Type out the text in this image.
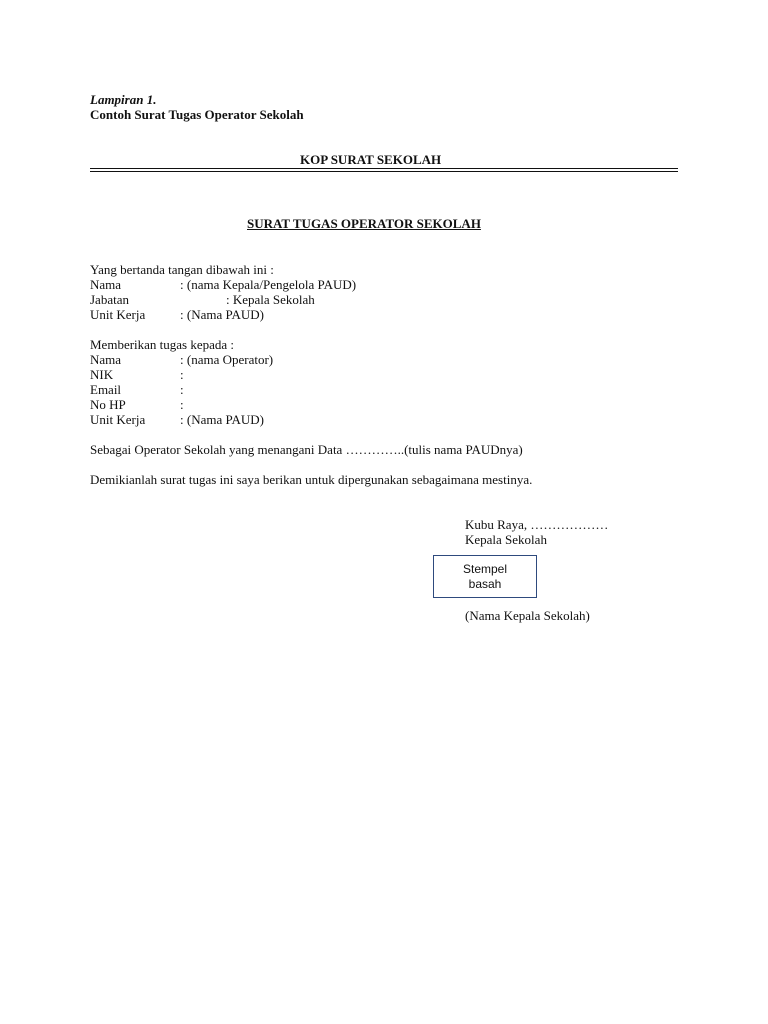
Lampiran 1.
Contoh Surat Tugas Operator Sekolah
KOP SURAT SEKOLAH
SURAT TUGAS OPERATOR SEKOLAH
Yang bertanda tangan dibawah ini :
Nama	: (nama Kepala/Pengelola PAUD)
Jabatan	: Kepala Sekolah
Unit Kerja	: (Nama PAUD)
Memberikan tugas kepada :
Nama	: (nama Operator)
NIK	:
Email	:
No HP	:
Unit Kerja	: (Nama PAUD)
Sebagai Operator Sekolah yang menangani Data …………..(tulis nama PAUDnya)
Demikianlah surat tugas ini saya berikan untuk dipergunakan sebagaimana mestinya.
Kubu Raya, ………………
Kepala Sekolah
Stempel
basah
(Nama Kepala Sekolah)
